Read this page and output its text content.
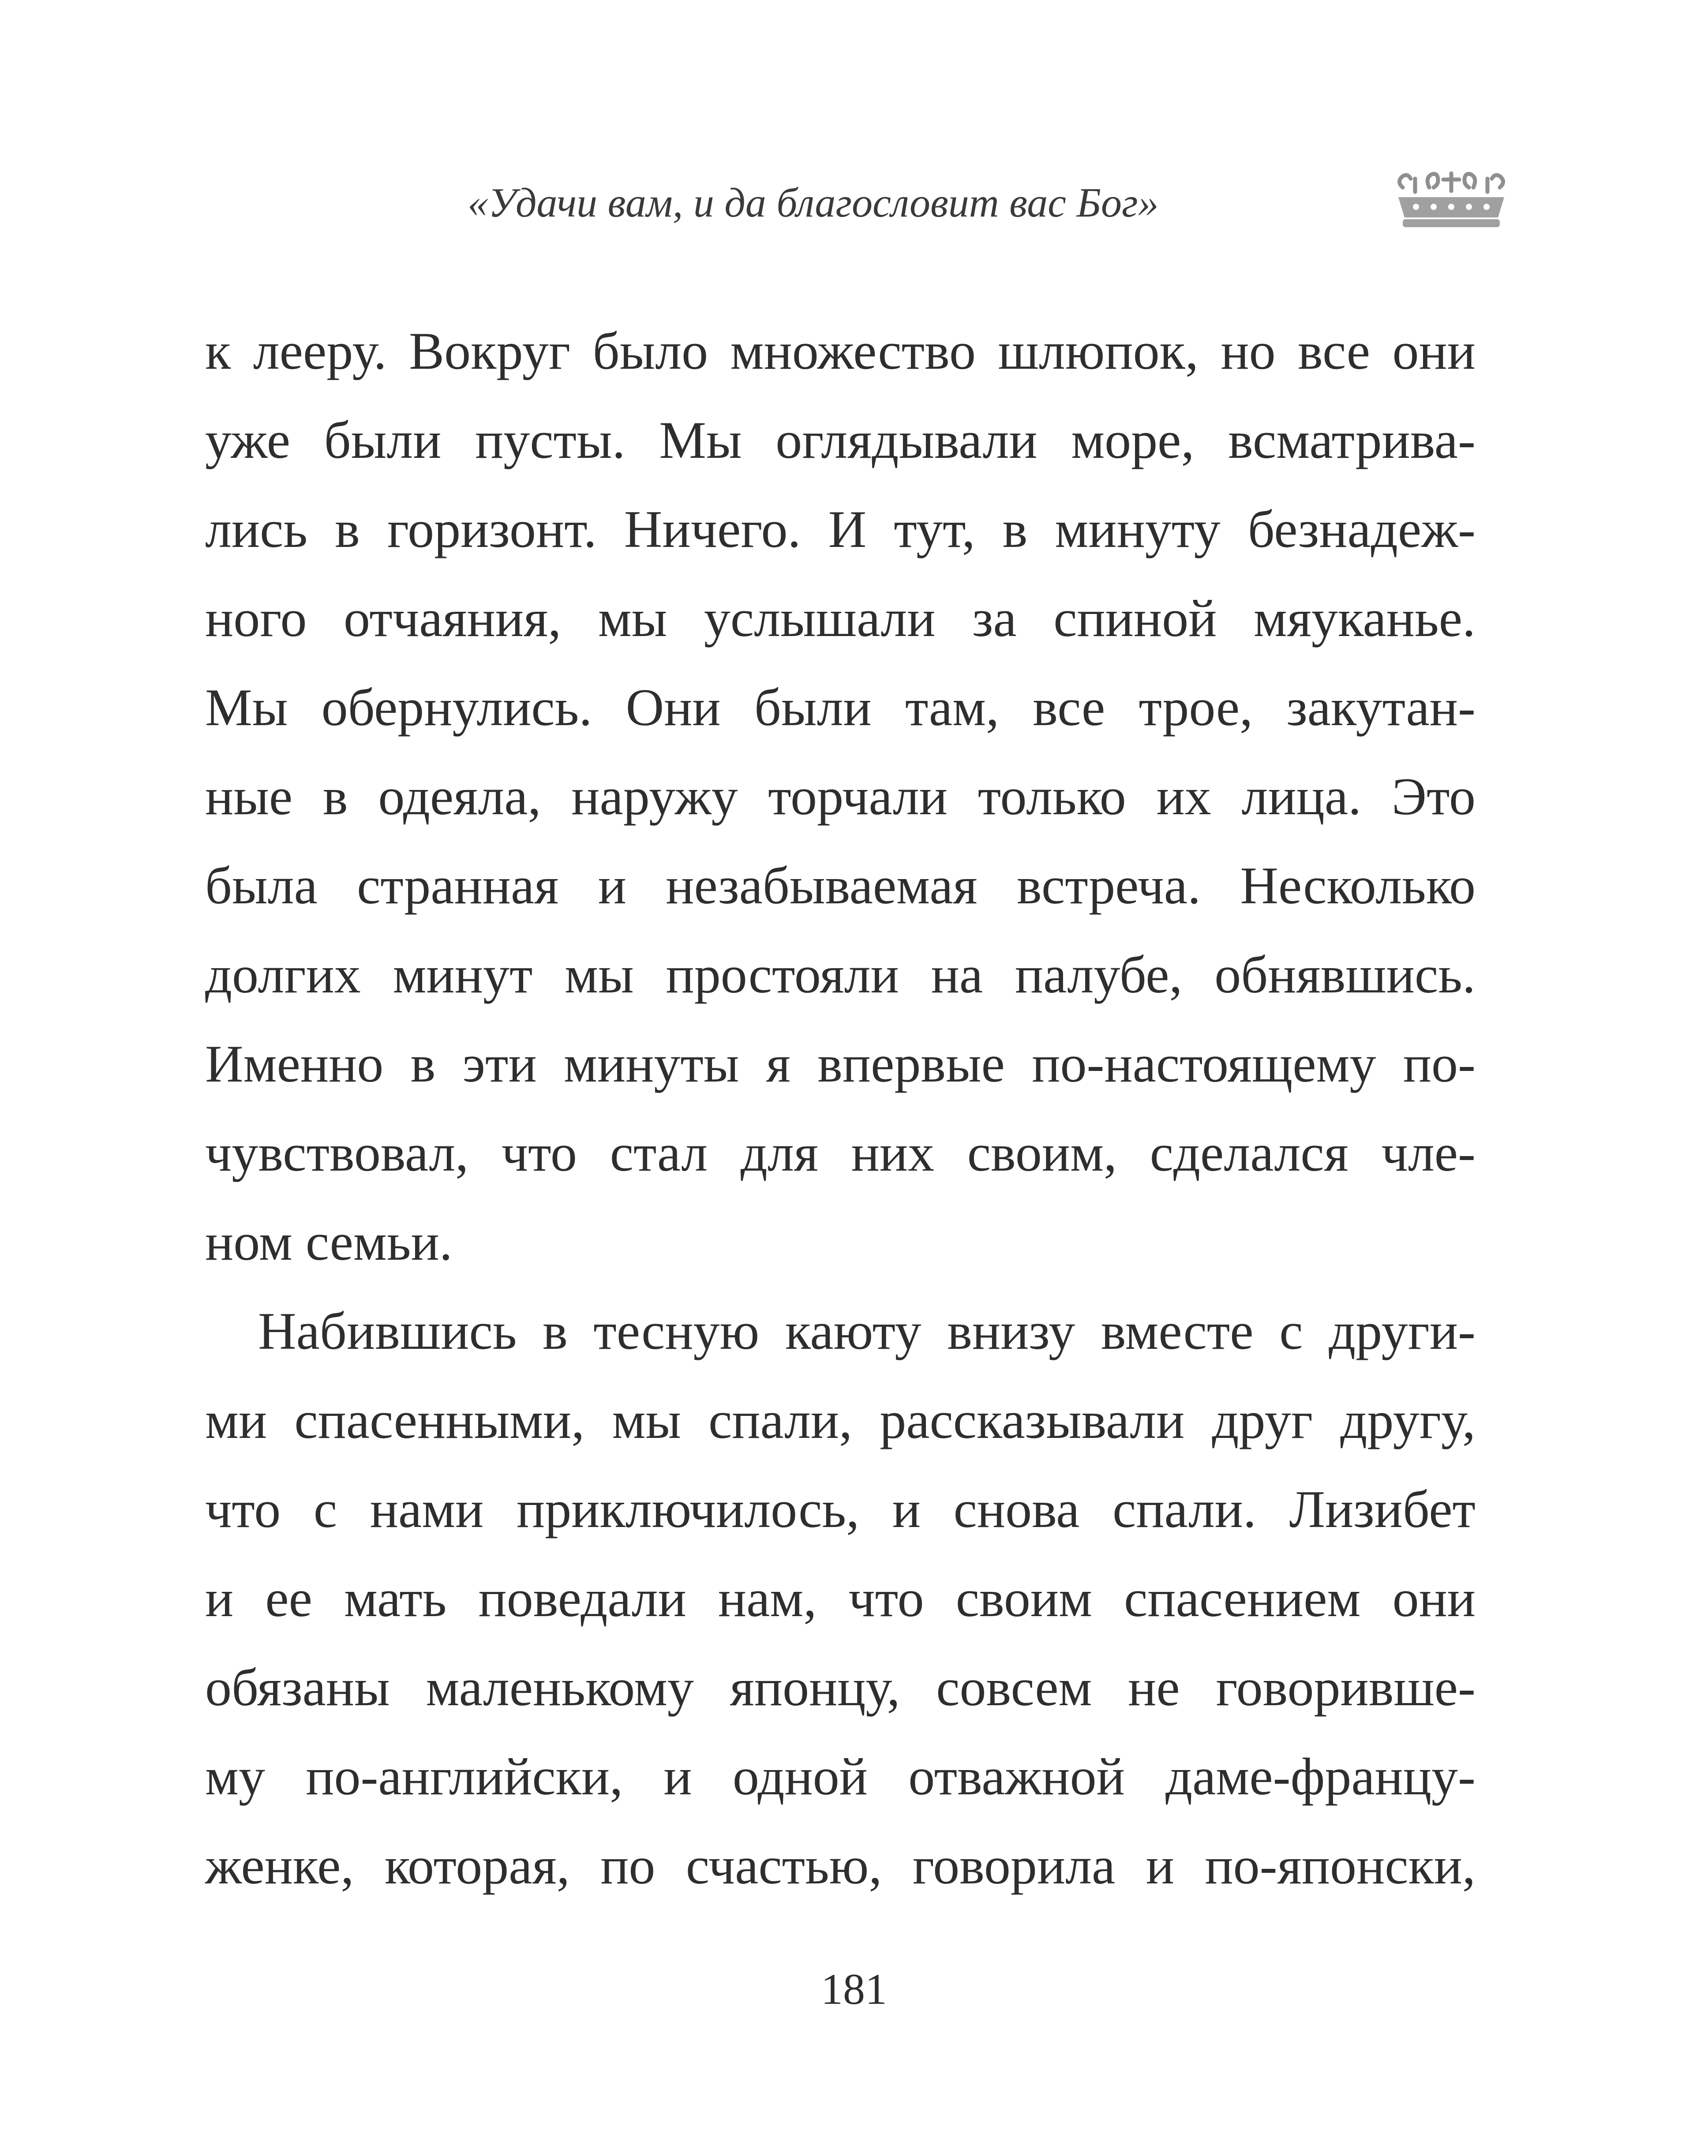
«Удачи вам, и да благословит вас Бог»
к лееру. Вокруг было множество шлюпок, но все они
уже были пусты. Мы оглядывали море, всматрива-
лись в горизонт. Ничего. И тут, в минуту безнадеж-
ного отчаяния, мы услышали за спиной мяуканье.
Мы обернулись. Они были там, все трое, закутан-
ные в одеяла, наружу торчали только их лица. Это
была странная и незабываемая встреча. Несколько
долгих минут мы простояли на палубе, обнявшись.
Именно в эти минуты я впервые по-настоящему по-
чувствовал, что стал для них своим, сделался чле-
ном семьи.
Набившись в тесную каюту внизу вместе с други-
ми спасенными, мы спали, рассказывали друг другу,
что с нами приключилось, и снова спали. Лизибет
и ее мать поведали нам, что своим спасением они
обязаны маленькому японцу, совсем не говоривше-
му по-английски, и одной отважной даме-францу-
женке, которая, по счастью, говорила и по-японски,
181
